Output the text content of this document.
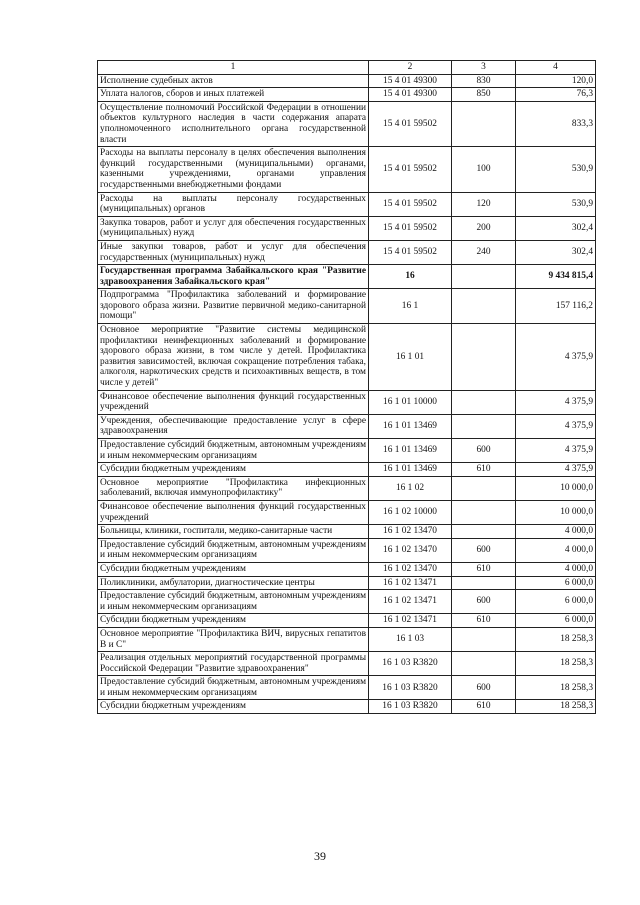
1	2	3	4
Исполнение судебных актов	15 4 01 49300	830	120,0
Уплата налогов, сборов и иных платежей	15 4 01 49300	850	76,3
Осуществление полномочий Российской Федерации в отношении объектов культурного наследия в части содержания апарата уполномоченного исполнительного органа государственной власти	15 4 01 59502		833,3
Расходы на выплаты персоналу в целях обеспечения выполнения функций государственными (муниципальными) органами, казенными учреждениями, органами управления государственными внебюджетными фондами	15 4 01 59502	100	530,9
Расходы на выплаты персоналу государственных (муниципальных) органов	15 4 01 59502	120	530,9
Закупка товаров, работ и услуг для обеспечения государственных (муниципальных) нужд	15 4 01 59502	200	302,4
Иные закупки товаров, работ и услуг для обеспечения государственных (муниципальных) нужд	15 4 01 59502	240	302,4
Государственная программа Забайкальского края "Развитие здравоохранения Забайкальского края"	16		9 434 815,4
Подпрограмма "Профилактика заболеваний и формирование здорового образа жизни. Развитие первичной медико-санитарной помощи"	16 1		157 116,2
Основное мероприятие "Развитие системы медицинской профилактики неинфекционных заболеваний и формирование здорового образа жизни, в том числе у детей. Профилактика развития зависимостей, включая сокращение потребления табака, алкоголя, наркотических средств и психоактивных веществ, в том числе у детей"	16 1 01		4 375,9
Финансовое обеспечение выполнения функций государственных учреждений	16 1 01 10000		4 375,9
Учреждения, обеспечивающие предоставление услуг в сфере здравоохранения	16 1 01 13469		4 375,9
Предоставление субсидий бюджетным, автономным учреждениям и иным некоммерческим организациям	16 1 01 13469	600	4 375,9
Субсидии бюджетным учреждениям	16 1 01 13469	610	4 375,9
Основное мероприятие "Профилактика инфекционных заболеваний, включая иммунопрофилактику"	16 1 02		10 000,0
Финансовое обеспечение выполнения функций государственных учреждений	16 1 02 10000		10 000,0
Больницы, клиники, госпитали, медико-санитарные части	16 1 02 13470		4 000,0
Предоставление субсидий бюджетным, автономным учреждениям и иным некоммерческим организациям	16 1 02 13470	600	4 000,0
Субсидии бюджетным учреждениям	16 1 02 13470	610	4 000,0
Поликлиники, амбулатории, диагностические центры	16 1 02 13471		6 000,0
Предоставление субсидий бюджетным, автономным учреждениям и иным некоммерческим организациям	16 1 02 13471	600	6 000,0
Субсидии бюджетным учреждениям	16 1 02 13471	610	6 000,0
Основное мероприятие "Профилактика ВИЧ, вирусных гепатитов В и С"	16 1 03		18 258,3
Реализация отдельных мероприятий государственной программы Российской Федерации "Развитие здравоохранения"	16 1 03 R3820		18 258,3
Предоставление субсидий бюджетным, автономным учреждениям и иным некоммерческим организациям	16 1 03 R3820	600	18 258,3
Субсидии бюджетным учреждениям	16 1 03 R3820	610	18 258,3
39
